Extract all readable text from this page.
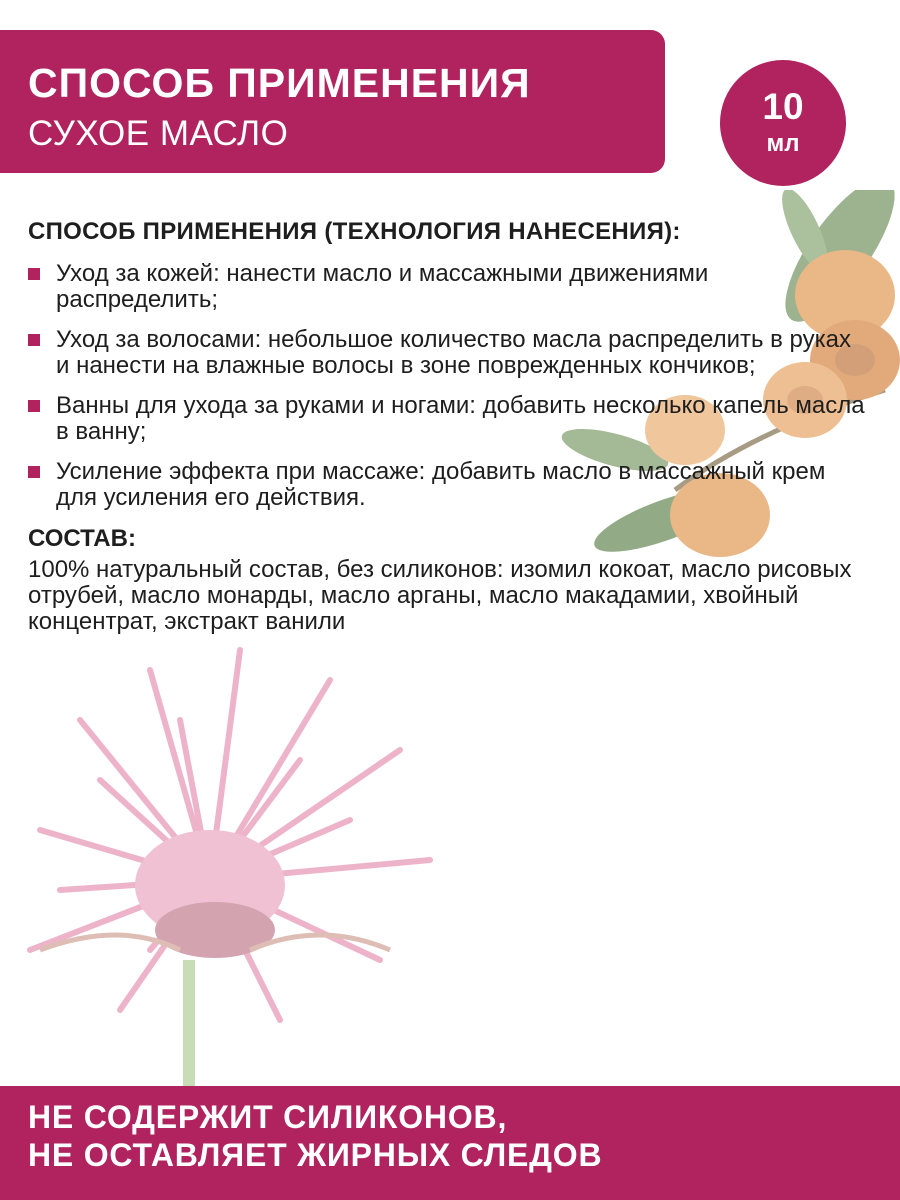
СПОСОБ ПРИМЕНЕНИЯ
СУХОЕ МАСЛО
10
мл
СПОСОБ ПРИМЕНЕНИЯ (ТЕХНОЛОГИЯ НАНЕСЕНИЯ):
Уход за кожей: нанести масло и массажными движениями распределить;
Уход за волосами: небольшое количество масла распределить в руках и нанести на влажные волосы в зоне поврежденных кончиков;
Ванны для ухода за руками и ногами: добавить несколько капель масла в ванну;
Усиление эффекта при массаже: добавить масло в массажный крем для усиления его действия.
СОСТАВ:
100% натуральный состав, без силиконов: изомил кокоат, масло рисовых отрубей, масло монарды, масло арганы, масло макадамии, хвойный концентрат, экстракт ванили
НЕ СОДЕРЖИТ СИЛИКОНОВ,
НЕ ОСТАВЛЯЕТ ЖИРНЫХ СЛЕДОВ
